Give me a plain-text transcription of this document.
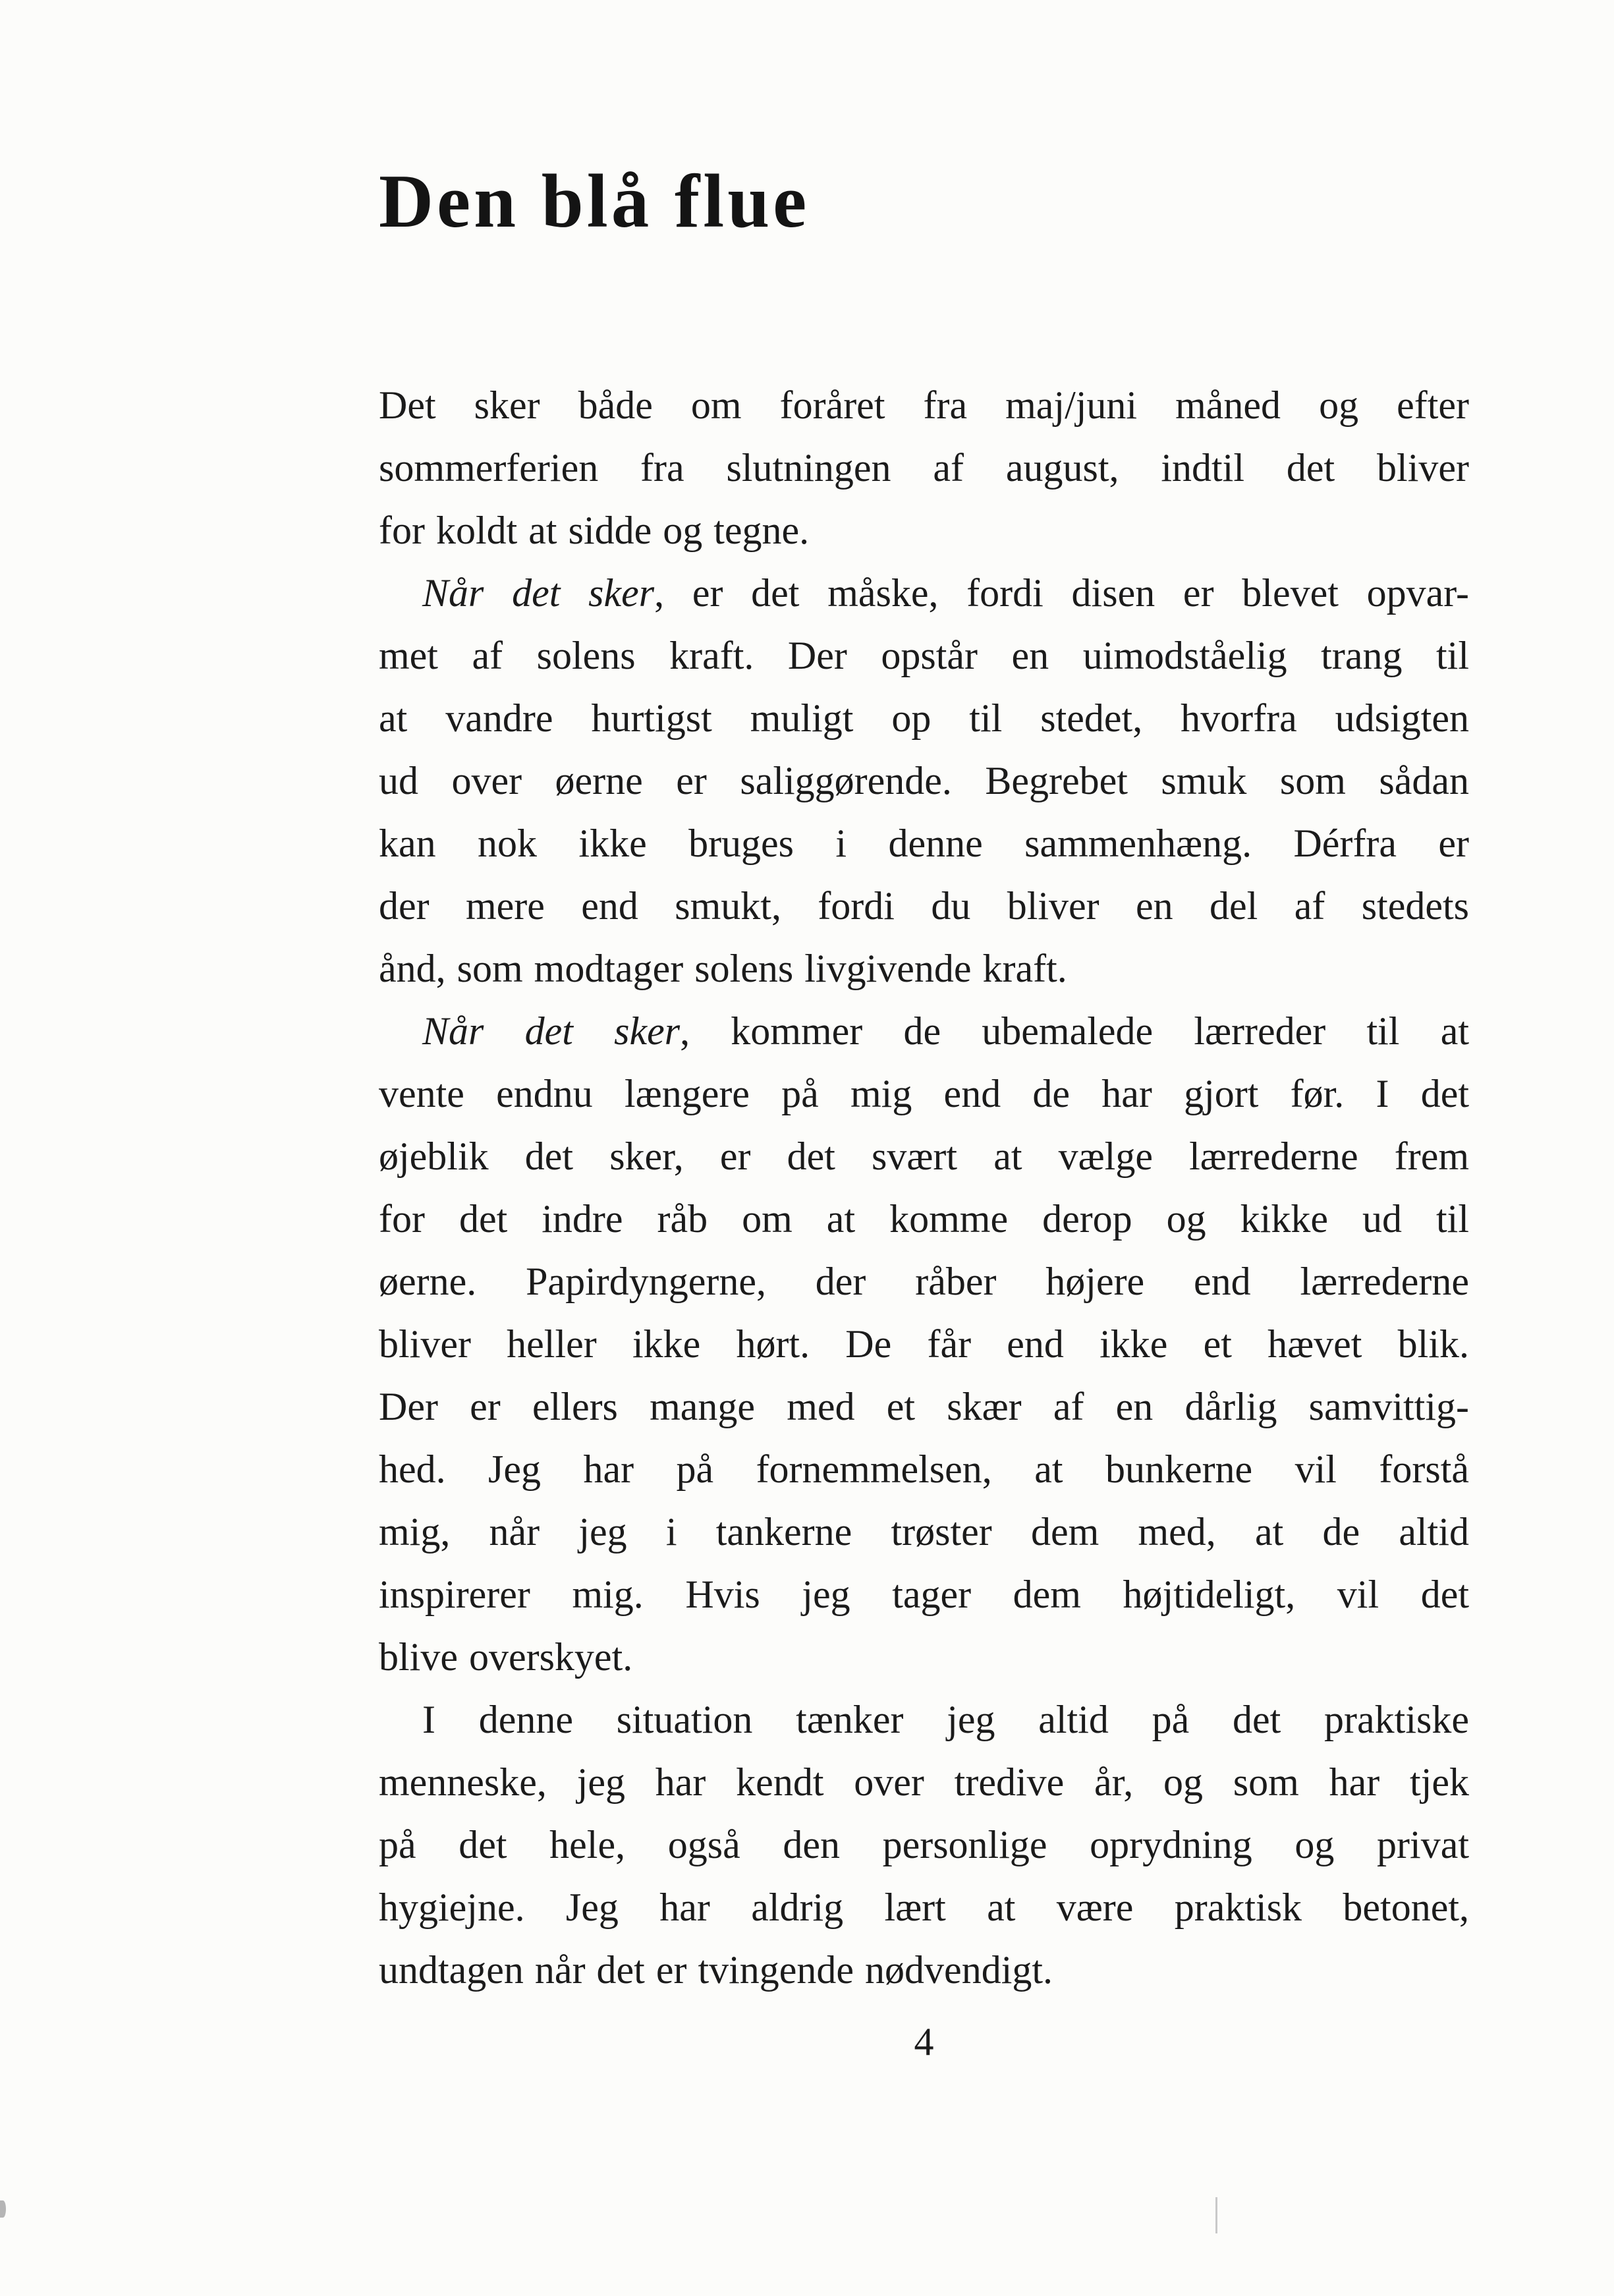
Den blå flue
Det sker både om foråret fra maj/juni måned og efter
sommerferien fra slutningen af august, indtil det bliver
for koldt at sidde og tegne.
Når det sker, er det måske, fordi disen er blevet opvar-
met af solens kraft. Der opstår en uimodståelig trang til
at vandre hurtigst muligt op til stedet, hvorfra udsigten
ud over øerne er saliggørende. Begrebet smuk som sådan
kan nok ikke bruges i denne sammenhæng. Dérfra er
der mere end smukt, fordi du bliver en del af stedets
ånd, som modtager solens livgivende kraft.
Når det sker, kommer de ubemalede lærreder til at
vente endnu længere på mig end de har gjort før. I det
øjeblik det sker, er det svært at vælge lærrederne frem
for det indre råb om at komme derop og kikke ud til
øerne. Papirdyngerne, der råber højere end lærrederne
bliver heller ikke hørt. De får end ikke et hævet blik.
Der er ellers mange med et skær af en dårlig samvittig-
hed. Jeg har på fornemmelsen, at bunkerne vil forstå
mig, når jeg i tankerne trøster dem med, at de altid
inspirerer mig. Hvis jeg tager dem højtideligt, vil det
blive overskyet.
I denne situation tænker jeg altid på det praktiske
menneske, jeg har kendt over tredive år, og som har tjek
på det hele, også den personlige oprydning og privat
hygiejne. Jeg har aldrig lært at være praktisk betonet,
undtagen når det er tvingende nødvendigt.
4
